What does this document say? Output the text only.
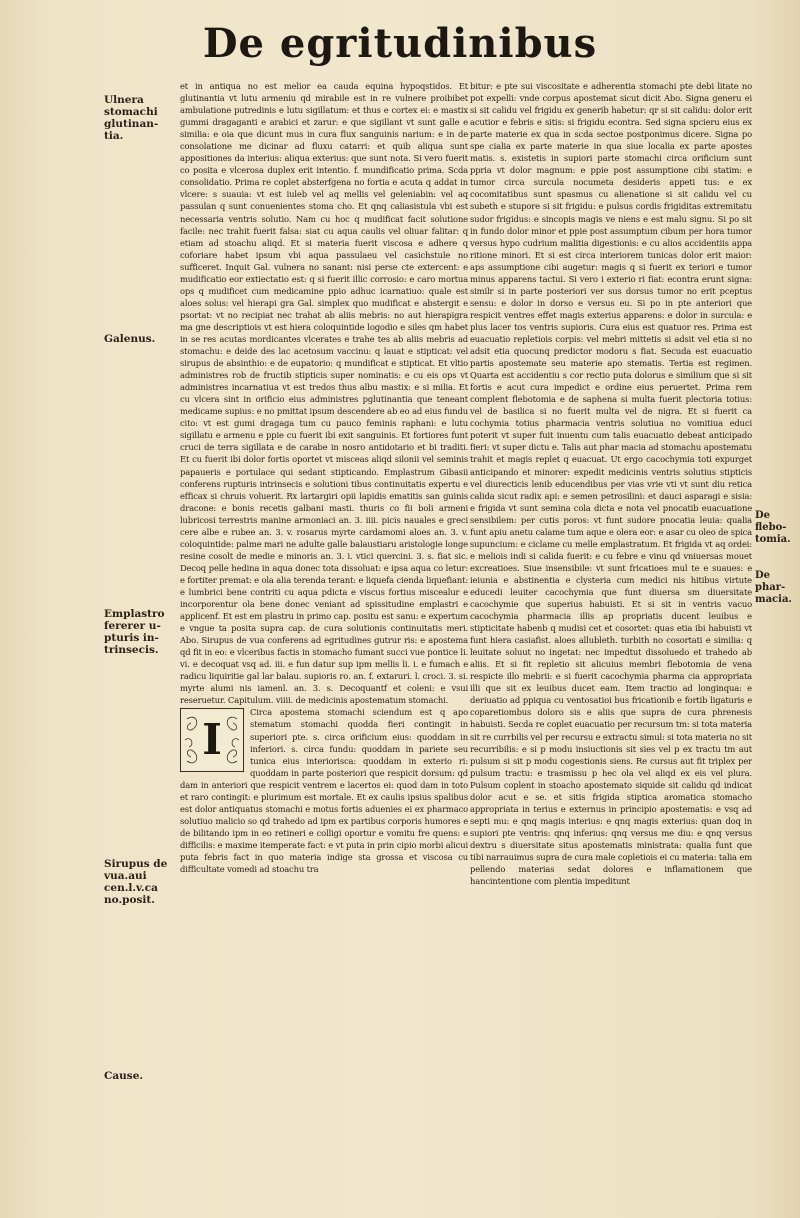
De egritudinibus
Ulnera stomachi glutinan- tia.
Galenus.
Emplastro fererer u- pturis in- trinsecis.
Sirupus de vua.aui cen.l.v.ca no.posit.
Cause.
De flebo- tomia.
De phar- macia.

et in antiqua no est melior ea cauda equina hypoqstidos. Et glutinantia vt lutu armeniu qd mirabile est in re vulnere proibibet ambulatione putredinis e lutu sigillatum: et thus e cortex ei: e mastix gummi dragaganti e arabici et zarur: e que sigillant vt sunt galle e similia: e oia que dicunt mus in cura flux sanguinis narium: e in de consolatione me dicinar ad fluxu catarri: et quib aliqua sunt appositiones da interius: aliqua exterius: que sunt nota. Si vero fuerit co posita e vlcerosa duplex erit intentio. f. mundificatio prima. Scda consolidatio. Prima re coplet absterfgena no fortia e acuta q addat in vlcere: s suauia: vt est iuleb vel aq mellis vel geleniabin: vel aq passulan q sunt conuenientes stoma cho. Et qnq caliasistula vbi est necessaria ventris solutio. Nam cu hoc q mudificat facit solutione facile: nec trahit fuerit falsa: siat cu aqua caulis vel oliuar falitar: q etiam ad stoachu aliqd. Et si materia fuerit viscosa e adhere q coforiare habet ipsum vbi aqua passulaeu vel casichstule no sufficeret. Inquit Gal. vulnera no sanant: nisi perse cte extercent: e mudificatio eor extiectatio est: q si fuerit illic corrosio: e caro mortua ops q mudificet cum medicamine ppio adhuc icarnatiuo: quale est aloes solus: vel hierapi gra Gal. simplex quo mudificat e abstergit e psortat: vt no recipiat nec trahat ab aliis mebris: no aut hierapigra ma gne descriptiois vt est hiera coloquintide logodio e siles qm habet in se res acutas mordicantes vlcerates e trahe tes ab aliis mebris ad stomachu: e deide des lac acetosum vaccinu: q lauat e stipticat: vel sirupus de absinthio: e de eupatorio: q mundificat e stipticat. Et vltio administres rob de fructib stipticis super nominatis: e cu eis ops vt administres incarnatiua vt est tredos thus albu mastix: e si milia. Et cu vlcera sint in orificio eius administres pglutinantia que teneant medicame supius: e no pmittat ipsum descendere ab eo ad eius fundu cito: vt est gumi dragaga tum cu pauco feminis raphani: e lutu sigillatu e armenu e ppie cu fuerit ibi exit sanguinis. Et fortiores funt cruci de terra sigillata e de carabe in nosro antidotario et bi traditi. Et cu fuerit ibi dolor fortis oportet vt misceas aliqd silonii vel seminis papaueris e portulace qui sedant stipticando. Emplastrum Gibasii conferens rupturis intrinsecis e solutioni tibus continuitatis expertu e efficax si chruis voluerit. Rx lartargiri opii lapidis ematitis san guinis dracone: e bonis recetis galbani masti. thuris co fii boli armeni lubricosi terrestris manine armoniaci an. 3. iiii. picis nauales e greci cere albe e rubee an. 3. v. rosarus myrte cardamomi aloes an. 3. v. coloquintide: palme mari ne adulte galle balaustiaru aristologie longe resine cosolt de medie e minoris an. 3. i. vtici quercini. 3. s. fiat sic. Decoq pelle hedina in aqua donec tota dissoluat: e ipsa aqua co letur: e fortiter premat: e ola alia terenda terant: e liquefa cienda liquefiant: e lumbrici bene contriti cu aqua pdicta e viscus fortius miscealur e incorporentur ola bene donec veniant ad spissitudine emplastri e applicenf. Et est em plastru in primo cap. positu est sanu: e expertum e vngue ta posita supra cap. de cura solutionis continuitatis meri. Abo. Sirupus de vua conferens ad egritudines gutrur ris: e apostema qd fit in eo: e vlceribus factis in stomacho fumant succi vue pontice li. vi. e decoquat vsq ad. iii. e fun datur sup ipm mellis li. i. e fumach e radicu liquiritie gal lar balau. supioris ro. an. f. extaruri. l. croci. 3. si. myrte alumi nis iamenl. an. 3. s. Decoquantf et coleni: e vsui reseruetur. Capitulum. viiii. de medicinis apostematum stomachi.

I

Circa apostema stomachi sciendum est q apo stematum stomachi quodda fieri contingit in superiori pte. s. circa orificium eius: quoddam in inferiori. s. circa fundu: quoddam in pariete seu tunica eius interiorisca: quoddam in exterio ri: quoddam in parte posteriori que respicit dorsum: qd dam in anteriori que respicit ventrem e lacertos ei: quod dam in toto et raro contingit: e plurimum est mortale. Et ex caulis ipsius spalibus est dolor antiquatus stomachi e motus fortis aduenies ei ex pharmaco solutiuo malicio so qd trahedo ad ipm ex partibus corporis humores e de bilitando ipm in eo retineri e colligi oportur e vomitu fre quens: e difficilis: e maxime itemperate fact: e vt puta in prin cipio morbi alicui puta febris fact in quo materia indige sta grossa et viscosa cu difficultate vomedi ad stoachu tra

bitur: e pte sui viscositate e adherentia stomachi pte debi litate no pot expelli: vnde corpus apostemat sicut dicit Abo. Signa generu ei si sit calidu vel frigidu ex generib habetur: qr si sit calidu: dolor erit acutior e febris e sitis: si frigidu econtra. Sed signa spcieru eius ex parte materie ex qua in scda sectoe postponimus dicere. Signa po spe cialia ex parte materie in qua siue localia ex parte apostes matis. s. existetis in supiori parte stomachi circa orificium sunt ppria vt dolor magnum: e ppie post assumptione cibi statim: e tumor circa surcula nocumeta desideris appeti tus: e ex cocomitatibus sunt spasmus cu alienatione si sit calidu vel cu subeth e stupore si sit frigidu: e pulsus cordis frigiditas extremitatu sudor frigidus: e sincopis magis ve niens e est malu signu. Si po sit in fundo dolor minor et ppie post assumptum cibum per hora tumor versus hypo cudrium malitia digestionis: e cu alios accidentiis appa ritione minori. Et si est circa interiorem tunicas dolor erit maior: aps assumptione cibi augetur: magis q si fuerit ex teriori e tumor minus apparens tactui. Si vero i exterio ri fiat: econtra erunt signa: similr si in parte posteriori ver sus dorsus tumor no erit pceptus sensu: e dolor in dorso e versus eu. Si po in pte anteriori que respicit ventres effet magis exterius apparens: e dolor in surcula: e plus lacer tos ventris supioris. Cura eius est quatuor res. Prima est euacuatio repletiois corpis: vel mebri mittetis si adsit vel etia si no adsit etia quocunq predictor modoru s fiat. Secuda est euacuatio partis apostemate seu materie apo stematis. Tertia est regimen. Quarta est accidentiu s cor rectio puta dolorus e similium que si sit fortis e acut cura impedict e ordine eius peruertet. Prima rem complent flebotomia e de saphena si multa fuerit plectoria totius: vel de basilica si no fuerit multa vel de nigra. Et si fuerit ca cochymia totius pharmacia ventris solutiua no vomitiua educi poterit vt super fuit inuentu cum talis euacuatio debeat anticipado fieri: vt super dictu e. Talis aut phar macia ad stomachu apostematu trahit et magis replet q euacuat. Ut ergo cacochymia toti expurget anticipando et minorer: expedit medicinis ventris solutius stipticis vel diurecticis lenib educendibus per vias vrie vti vt sunt diu retica calida sicut radix api: e semen petrosilini: et dauci asparagi e sisia: e frigida vt sunt semina cola dicta e nota vel pnocatib euacuatione sensibilem: per cutis poros: vt funt sudore pnocatia leuia: qualia funt apiu anetu calame tum aque e olera eor: e asar cu oleo de spica supuncium: e ciclame cu melle emplastratum. Et frigida vt aq ordei: e meliois indi si calida fuerit: e cu febre e vinu qd vniuersas mouet excreatioes. Siue insensibile: vt sunt fricatioes mul te e suaues: e ieiunia e abstinentia e clysteria cum medici nis hitibus virtute educedi leuiter cacochymia que funt diuersa sm diuersitate cacochymie que superius habuisti. Et si sit in ventris vacuo cacochymia pharmacia illis ap propriatis ducent leuibus e stipticitate habenb q mudisi cet et cosortet: quas etia ibi habuisti vt funt hiera casiafist. aloes allubleth. turbith no cosortati e similia: q leuitate soluut no ingetat: nec impedtut dissoluedo et trahedo ab aliis. Et si fit repletio sit alicuius membri flebotomia de vena respicte illo mebrii: e si fuerit cacochymia pharma cia appropriata illi que sit ex leuibus ducet eam. Item tractio ad longinqua: e deriuatio ad ppiqua cu ventosatioi bus fricationib e fortib ligaturis e coparetiombus doloro sis e aliis que supra de cura phrenesis habuisti. Secda re coplet euacuatio per recursum tm: si tota materia sit re currbilis vel per recursu e extractu simul: si tota materia no sit recurribilis: e si p modu insiuctionis sit sies vel p ex tractu tm aut pulsum si sit p modu cogestionis siens. Re cursus aut fit triplex per pulsum tractu: e trasmissu p hec ola vel aliqd ex eis vel plura. Pulsum coplent in stoacho apostemato siquide sit calidu qd indicat dolor acut e se. et sitis frigida stiptica aromatica stomacho appropriata in terius e externus in principio apostematis: e vsq ad septi mu: e qnq magis interius: e qnq magis exterius: quan doq in supiori pte ventris: qnq inferius: qnq versus me diu: e qnq versus dextru s diuersitate situs apostematis ministrata: qualia funt que tibi narrauimus supra de cura male copletiois ei cu materia: talia em pellendo materias sedat dolores e inflamationem que hancintentione com plentia impeditunt
